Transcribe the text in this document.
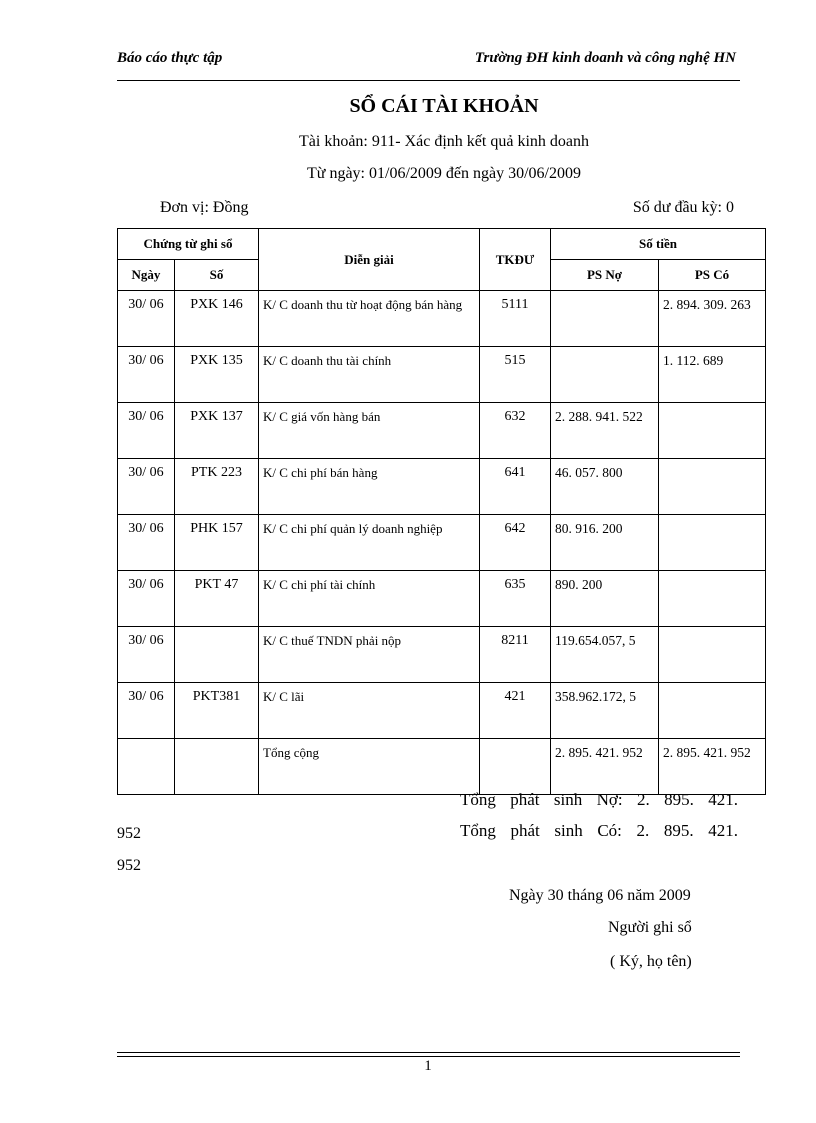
Báo cáo thực tập	Trường ĐH kinh doanh và công nghệ HN
SỔ CÁI TÀI KHOẢN
Tài khoản: 911- Xác định kết quả kinh doanh
Từ ngày: 01/06/2009 đến ngày 30/06/2009
Đơn vị: Đồng	Số dư đầu kỳ: 0
Chứng từ ghi sổ		Diễn giải	TKĐƯ	Số tiền	
Ngày	Số			PS Nợ	PS Có
30/ 06	PXK 146	K/ C doanh thu từ hoạt động bán hàng	5111		2. 894. 309. 263
30/ 06	PXK 135	K/ C doanh thu tài chính	515		1. 112. 689
30/ 06	PXK 137	K/ C giá vốn hàng bán	632	2. 288. 941. 522	
30/ 06	PTK 223	K/ C chi phí bán hàng	641	46. 057. 800	
30/ 06	PHK 157	K/ C chi phí quản lý doanh nghiệp	642	80. 916. 200	
30/ 06	PKT 47	K/ C chi phí tài chính	635	890. 200	
30/ 06		K/ C thuế TNDN phải nộp	8211	119.654.057, 5	
30/ 06	PKT381	K/ C lãi	421	358.962.172, 5	
		Tổng cộng		2. 895. 421. 952	2. 895. 421. 952
Tổng phát sinh Nợ: 2. 895. 421.
952	Tổng phát sinh Có: 2. 895. 421.
952
Ngày 30 tháng 06 năm 2009
Người ghi sổ
( Ký, họ tên)
1
